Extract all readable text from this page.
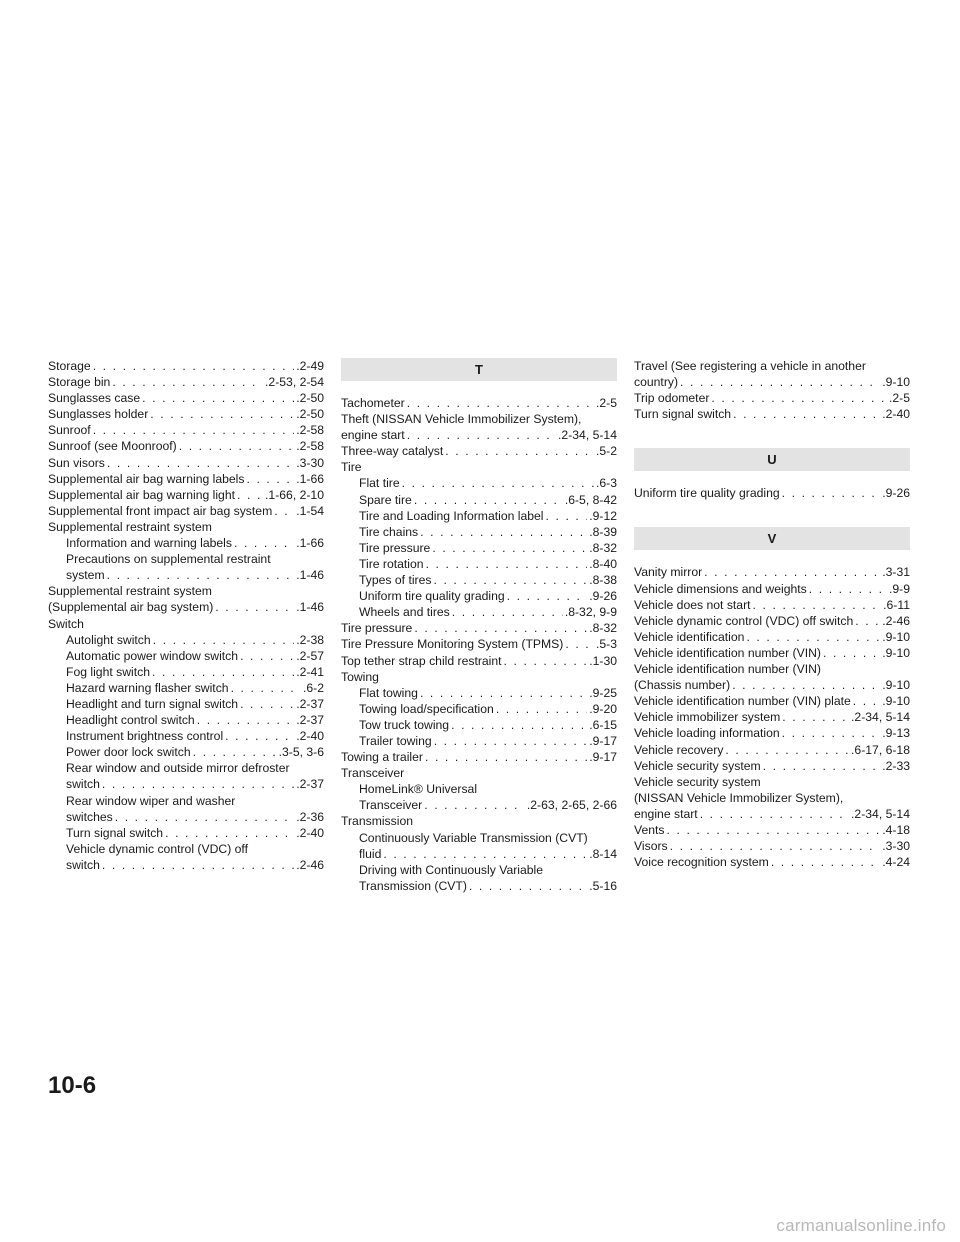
Storage . . .	.2-49
Storage bin . . .	.2-53, 2-54
Sunglasses case . . .	.2-50
Sunglasses holder . . .	.2-50
Sunroof . . .	.2-58
Sunroof (see Moonroof) . . .	.2-58
Sun visors . . .	.3-30
Supplemental air bag warning labels . . .	.1-66
Supplemental air bag warning light . . . .1-66, 2-10
Supplemental front impact air bag system . . . .1-54
Supplemental restraint system
Information and warning labels . . .	.1-66
Precautions on supplemental restraint
system . . .	.1-46
Supplemental restraint system
(Supplemental air bag system) . . .	.1-46
Switch
Autolight switch . . .	.2-38
Automatic power window switch . . .	.2-57
Fog light switch . . .	.2-41
Hazard warning flasher switch . . .	.6-2
Headlight and turn signal switch . . .	.2-37
Headlight control switch . . .	.2-37
Instrument brightness control . . .	.2-40
Power door lock switch . . .	.3-5, 3-6
Rear window and outside mirror defroster
switch . . .	.2-37
Rear window wiper and washer
switches . . .	.2-36
Turn signal switch . . .	.2-40
Vehicle dynamic control (VDC) off
switch . . .	.2-46
T
Tachometer . . .	.2-5
Theft (NISSAN Vehicle Immobilizer System),
engine start . . .	.2-34, 5-14
Three-way catalyst . . .	.5-2
Tire
Flat tire . . .	.6-3
Spare tire . . .	.6-5, 8-42
Tire and Loading Information label . . .	.9-12
Tire chains . . .	.8-39
Tire pressure . . .	.8-32
Tire rotation . . .	.8-40
Types of tires . . .	.8-38
Uniform tire quality grading . . .	.9-26
Wheels and tires . . .	.8-32, 9-9
Tire pressure . . .	.8-32
Tire Pressure Monitoring System (TPMS) . . .	.5-3
Top tether strap child restraint . . .	.1-30
Towing
Flat towing . . .	.9-25
Towing load/specification . . .	.9-20
Tow truck towing . . .	.6-15
Trailer towing . . .	.9-17
Towing a trailer . . .	.9-17
Transceiver
HomeLink® Universal
Transceiver . . .	.2-63, 2-65, 2-66
Transmission
Continuously Variable Transmission (CVT)
fluid . . .	.8-14
Driving with Continuously Variable
Transmission (CVT) . . .	.5-16
Travel (See registering a vehicle in another
country) . . .	.9-10
Trip odometer . . .	.2-5
Turn signal switch . . .	.2-40
U
Uniform tire quality grading . . .	.9-26
V
Vanity mirror . . .	.3-31
Vehicle dimensions and weights . . .	.9-9
Vehicle does not start . . .	.6-11
Vehicle dynamic control (VDC) off switch . . . .2-46
Vehicle identification . . .	.9-10
Vehicle identification number (VIN) . . .	.9-10
Vehicle identification number (VIN)
(Chassis number) . . .	.9-10
Vehicle identification number (VIN) plate . . .	.9-10
Vehicle immobilizer system . . .	.2-34, 5-14
Vehicle loading information . . .	.9-13
Vehicle recovery . . .	.6-17, 6-18
Vehicle security system . . .	.2-33
Vehicle security system
(NISSAN Vehicle Immobilizer System),
engine start . . .	.2-34, 5-14
Vents . . .	.4-18
Visors . . .	.3-30
Voice recognition system . . .	.4-24
10-6
carmanualsonline.info
